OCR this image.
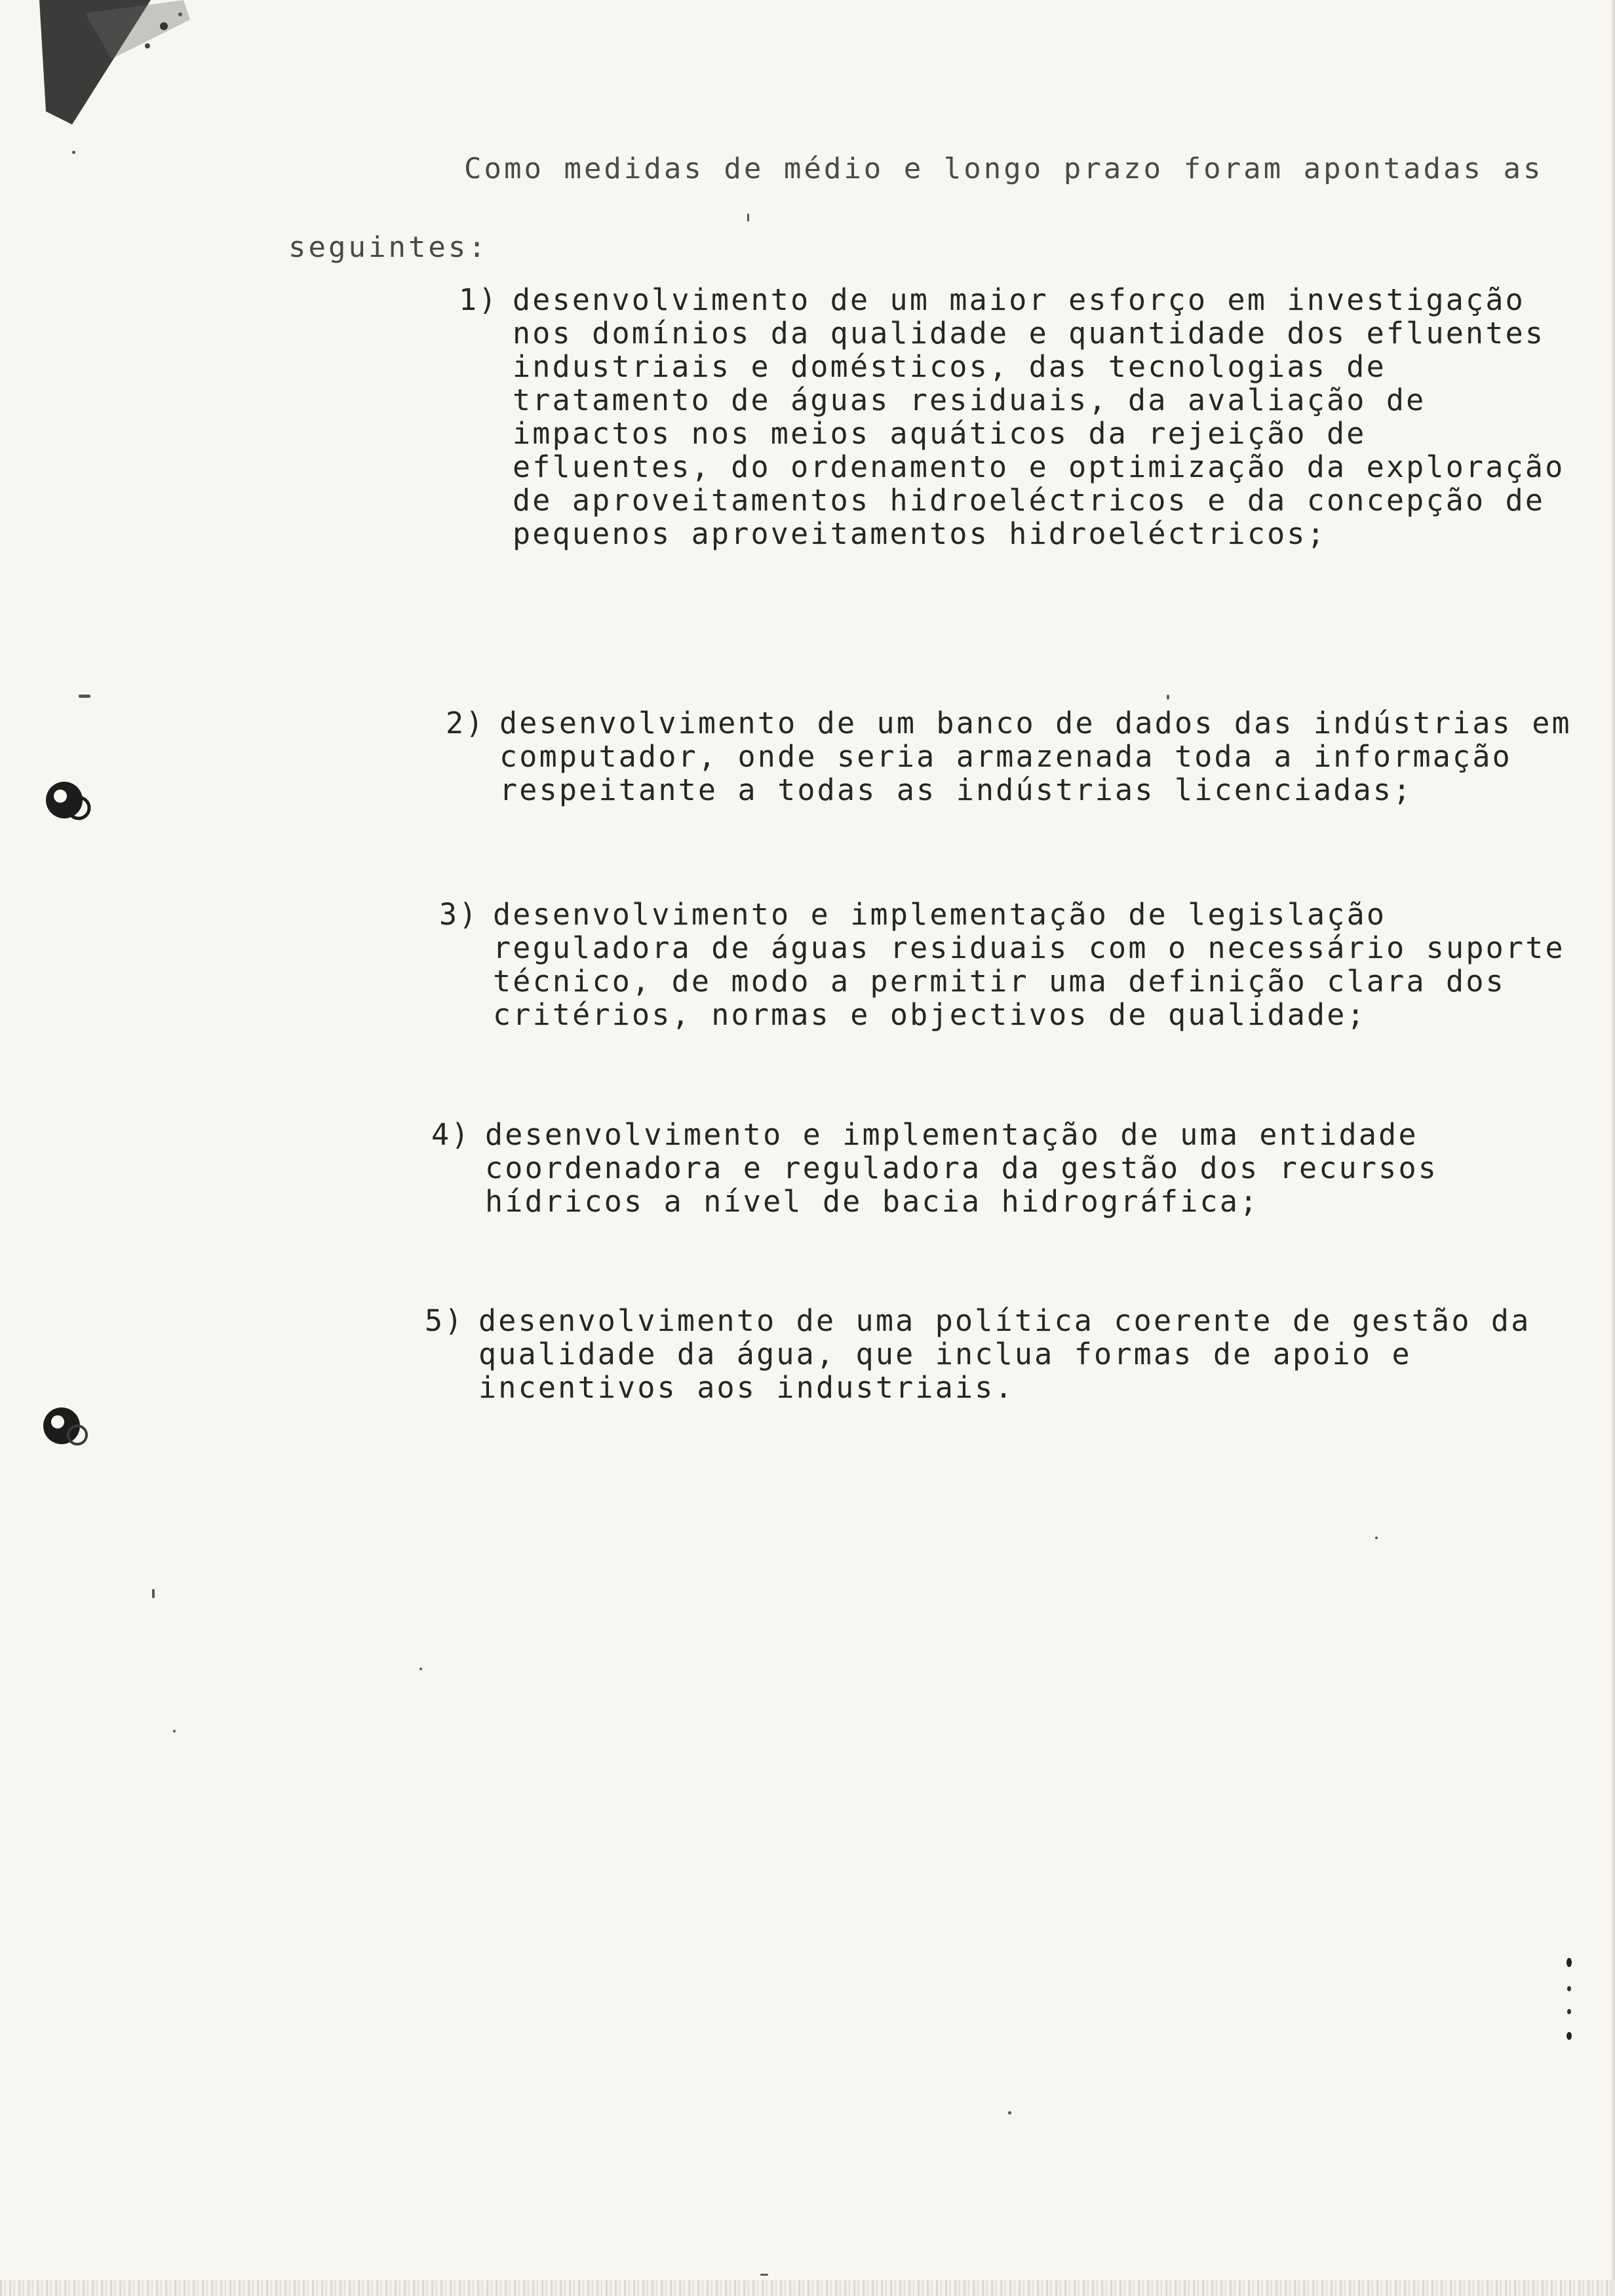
Como medidas de médio e longo prazo foram apontadas as seguintes:

1) desenvolvimento de um maior esforço em investigação nos domínios da qualidade e quantidade dos efluentes industriais e domésticos, das tecnologias de tratamento de águas residuais, da avaliação de impactos nos meios aquáticos da rejeição de efluentes, do ordenamento e optimização da exploração de aproveitamentos hidroeléctricos e da concepção de pequenos aproveitamentos hidroeléctricos;
2) desenvolvimento de um banco de dados das indústrias em computador, onde seria armazenada toda a informação respeitante a todas as indústrias licenciadas;
3) desenvolvimento e implementação de legislação reguladora de águas residuais com o necessário suporte técnico, de modo a permitir uma definição clara dos critérios, normas e objectivos de qualidade;
4) desenvolvimento e implementação de uma entidade coordenadora e reguladora da gestão dos recursos hídricos a nível de bacia hidrográfica;
5) desenvolvimento de uma política coerente de gestão da qualidade da água, que inclua formas de apoio e incentivos aos industriais.
